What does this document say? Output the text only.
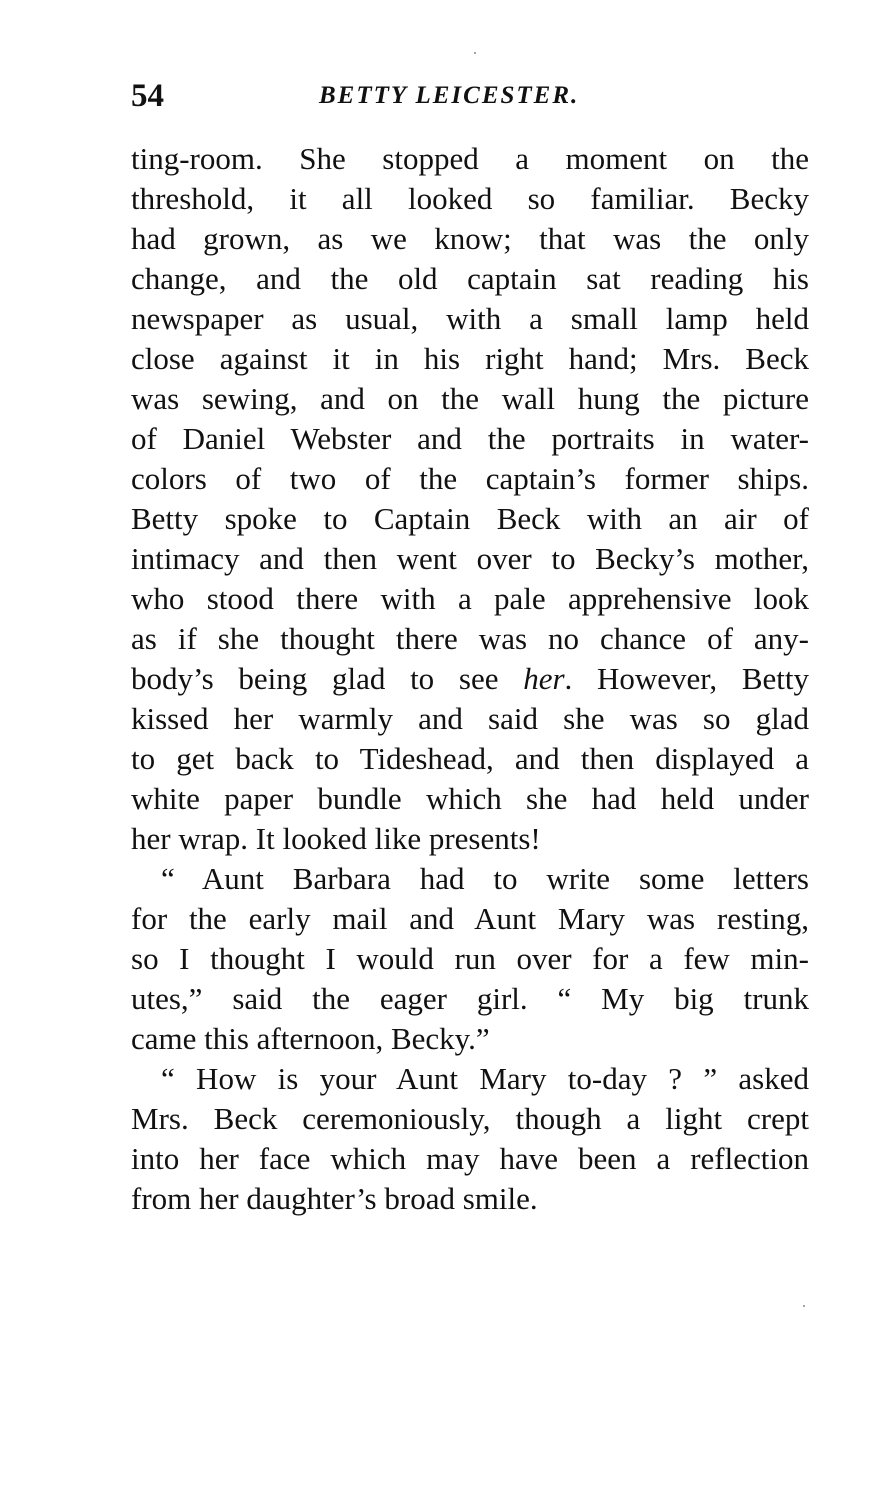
54	BETTY LEICESTER.
ting-room. She stopped a moment on the
threshold, it all looked so familiar. Becky
had grown, as we know; that was the only
change, and the old captain sat reading his
newspaper as usual, with a small lamp held
close against it in his right hand; Mrs. Beck
was sewing, and on the wall hung the picture
of Daniel Webster and the portraits in water-
colors of two of the captain’s former ships.
Betty spoke to Captain Beck with an air of
intimacy and then went over to Becky’s mother,
who stood there with a pale apprehensive look
as if she thought there was no chance of any-
body’s being glad to see her. However, Betty
kissed her warmly and said she was so glad
to get back to Tideshead, and then displayed a
white paper bundle which she had held under
her wrap. It looked like presents!
“ Aunt Barbara had to write some letters
for the early mail and Aunt Mary was resting,
so I thought I would run over for a few min-
utes,” said the eager girl. “ My big trunk
came this afternoon, Becky.”
“ How is your Aunt Mary to-day ? ” asked
Mrs. Beck ceremoniously, though a light crept
into her face which may have been a reflection
from her daughter’s broad smile.
